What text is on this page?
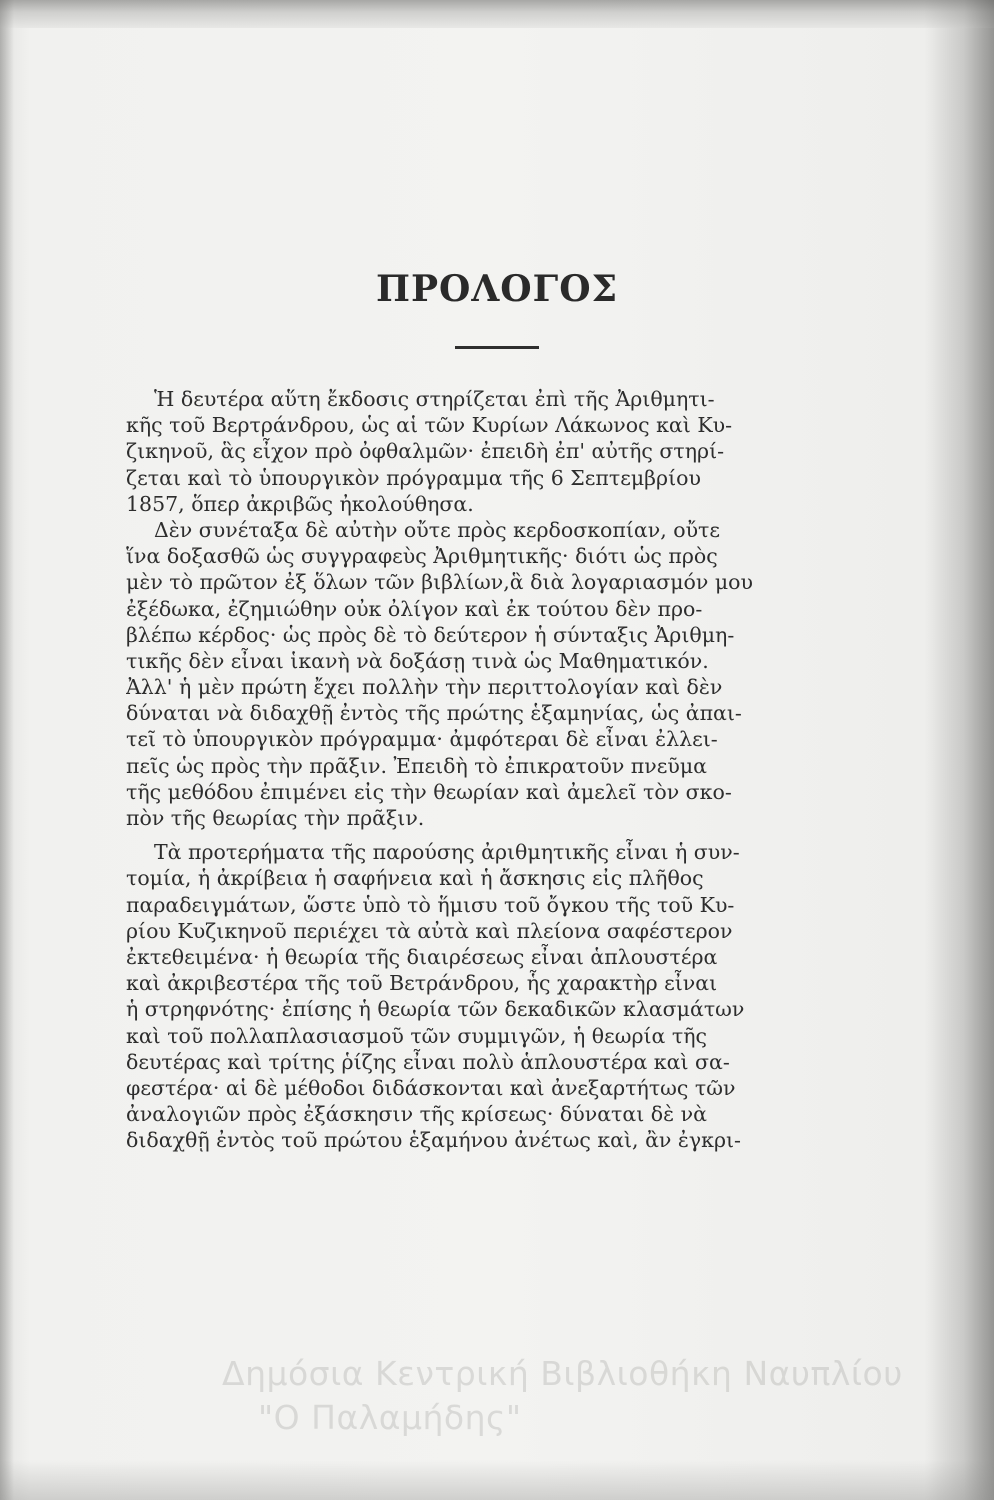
ΠΡΟΛΟΓΟΣ
Ἡ δευτέρα αὕτη ἔκδοσις στηρίζεται ἐπὶ τῆς Ἀριθμητι-
κῆς τοῦ Βερτράνδρου, ὡς αἱ τῶν Κυρίων Λάκωνος καὶ Κυ-
ζικηνοῦ, ἃς εἶχον πρὸ ὀφθαλμῶν· ἐπειδὴ ἐπ' αὐτῆς στηρί-
ζεται καὶ τὸ ὑπουργικὸν πρόγραμμα τῆς 6 Σεπτεμβρίου
1857, ὅπερ ἀκριβῶς ἠκολούθησα.
Δὲν συνέταξα δὲ αὐτὴν οὔτε πρὸς κερδοσκοπίαν, οὔτε
ἵνα δοξασθῶ ὡς συγγραφεὺς Ἀριθμητικῆς· διότι ὡς πρὸς
μὲν τὸ πρῶτον ἐξ ὅλων τῶν βιβλίων,ἃ διὰ λογαριασμόν μου
ἐξέδωκα, ἐζημιώθην οὐκ ὀλίγον καὶ ἐκ τούτου δὲν προ-
βλέπω κέρδος· ὡς πρὸς δὲ τὸ δεύτερον ἡ σύνταξις Ἀριθμη-
τικῆς δὲν εἶναι ἱκανὴ νὰ δοξάσῃ τινὰ ὡς Μαθηματικόν.
Ἀλλ' ἡ μὲν πρώτη ἔχει πολλὴν τὴν περιττολογίαν καὶ δὲν
δύναται νὰ διδαχθῇ ἐντὸς τῆς πρώτης ἑξαμηνίας, ὡς ἀπαι-
τεῖ τὸ ὑπουργικὸν πρόγραμμα· ἀμφότεραι δὲ εἶναι ἐλλει-
πεῖς ὡς πρὸς τὴν πρᾶξιν. Ἐπειδὴ τὸ ἐπικρατοῦν πνεῦμα
τῆς μεθόδου ἐπιμένει εἰς τὴν θεωρίαν καὶ ἀμελεῖ τὸν σκο-
πὸν τῆς θεωρίας τὴν πρᾶξιν.
Τὰ προτερήματα τῆς παρούσης ἀριθμητικῆς εἶναι ἡ συν-
τομία, ἡ ἀκρίβεια ἡ σαφήνεια καὶ ἡ ἄσκησις εἰς πλῆθος
παραδειγμάτων, ὥστε ὑπὸ τὸ ἥμισυ τοῦ ὄγκου τῆς τοῦ Κυ-
ρίου Κυζικηνοῦ περιέχει τὰ αὐτὰ καὶ πλείονα σαφέστερον
ἐκτεθειμένα· ἡ θεωρία τῆς διαιρέσεως εἶναι ἁπλουστέρα
καὶ ἀκριβεστέρα τῆς τοῦ Βετράνδρου, ἧς χαρακτὴρ εἶναι
ἡ στρηφνότης· ἐπίσης ἡ θεωρία τῶν δεκαδικῶν κλασμάτων
καὶ τοῦ πολλαπλασιασμοῦ τῶν συμμιγῶν, ἡ θεωρία τῆς
δευτέρας καὶ τρίτης ῥίζης εἶναι πολὺ ἁπλουστέρα καὶ σα-
φεστέρα· αἱ δὲ μέθοδοι διδάσκονται καὶ ἀνεξαρτήτως τῶν
ἀναλογιῶν πρὸς ἐξάσκησιν τῆς κρίσεως· δύναται δὲ νὰ
διδαχθῇ ἐντὸς τοῦ πρώτου ἑξαμήνου ἀνέτως καὶ, ἂν ἐγκρι-
Δημόσια Κεντρική Βιβλιοθήκη Ναυπλίου
"Ο Παλαμήδης"
